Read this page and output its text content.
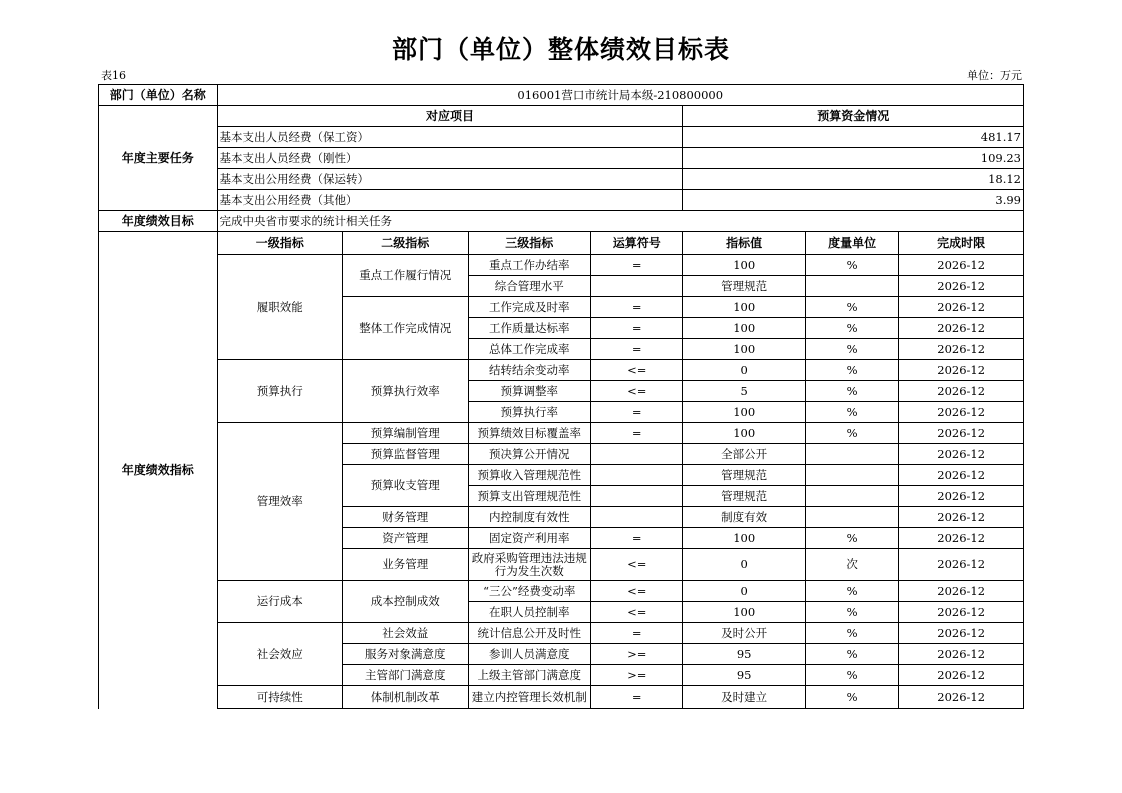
部门（单位）整体绩效目标表
表16	单位：万元
部门（单位）名称	016001营口市统计局本级-210800000						
年度主要任务	对应项目				预算资金情况		
	基本支出人员经费（保工资）				481.17		
	基本支出人员经费（刚性）				109.23		
	基本支出公用经费（保运转）				18.12		
	基本支出公用经费（其他）				3.99		
年度绩效目标	完成中央省市要求的统计相关任务						
年度绩效指标	一级指标	二级指标	三级指标	运算符号	指标值	度量单位	完成时限
	履职效能	重点工作履行情况	重点工作办结率	=	100	%	2026-12
			综合管理水平		管理规范		2026-12
		整体工作完成情况	工作完成及时率	=	100	%	2026-12
			工作质量达标率	=	100	%	2026-12
			总体工作完成率	=	100	%	2026-12
	预算执行	预算执行效率	结转结余变动率	<=	0	%	2026-12
			预算调整率	<=	5	%	2026-12
			预算执行率	=	100	%	2026-12
	管理效率	预算编制管理	预算绩效目标覆盖率	=	100	%	2026-12
		预算监督管理	预决算公开情况		全部公开		2026-12
		预算收支管理	预算收入管理规范性		管理规范		2026-12
			预算支出管理规范性		管理规范		2026-12
		财务管理	内控制度有效性		制度有效		2026-12
		资产管理	固定资产利用率	=	100	%	2026-12
		业务管理	政府采购管理违法违规行为发生次数	<=	0	次	2026-12
	运行成本	成本控制成效	“三公”经费变动率	<=	0	%	2026-12
			在职人员控制率	<=	100	%	2026-12
	社会效应	社会效益	统计信息公开及时性	=	及时公开	%	2026-12
		服务对象满意度	参训人员满意度	>=	95	%	2026-12
		主管部门满意度	上级主管部门满意度	>=	95	%	2026-12
	可持续性	体制机制改革	建立内控管理长效机制	=	及时建立	%	2026-12
